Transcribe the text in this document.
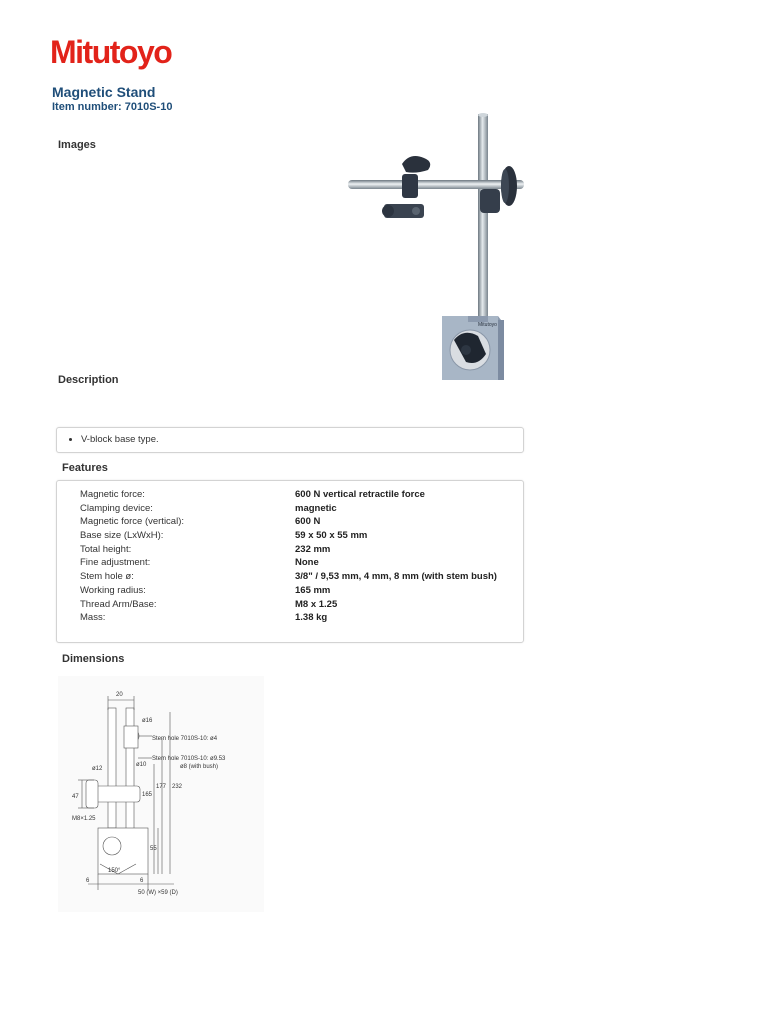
Mitutoyo
Magnetic Stand
Item number: 7010S-10
Images
Mitutoyo
Description
V-block base type.
Features
Magnetic force:	600 N vertical retractile force
Clamping device:	magnetic
Magnetic force (vertical):	600 N
Base size (LxWxH):	59 x 50 x 55 mm
Total height:	232 mm
Fine adjustment:	None
Stem hole ø:	3/8" / 9,53 mm, 4 mm, 8 mm (with stem bush)
Working radius:	165 mm
Thread Arm/Base:	M8 x 1.25
Mass:	1.38 kg
Dimensions
20
ø16
Stem hole 7010S-10: ø4
Stem hole 7010S-10: ø9.53
ø8 (with bush)
ø10
ø12
47
M8×1.25
165
177 232
55
150°
6	6
50 (W) ×59 (D)
